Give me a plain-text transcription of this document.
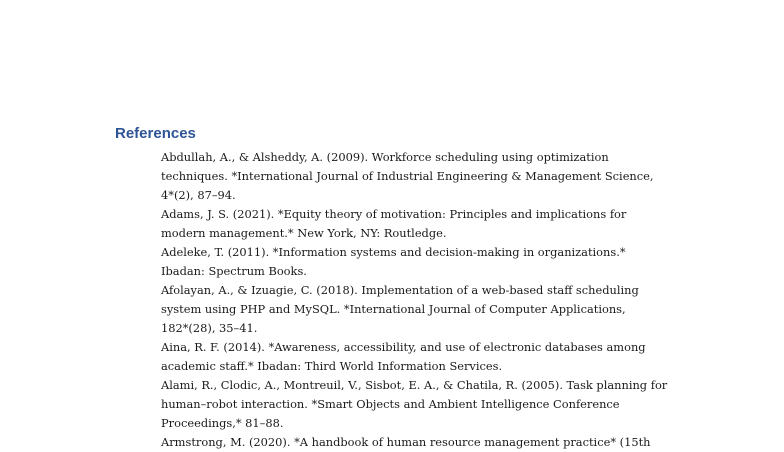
References
Abdullah, A., & Alsheddy, A. (2009). Workforce scheduling using optimization
techniques. *International Journal of Industrial Engineering & Management Science,
4*(2), 87–94.
Adams, J. S. (2021). *Equity theory of motivation: Principles and implications for
modern management.* New York, NY: Routledge.
Adeleke, T. (2011). *Information systems and decision-making in organizations.*
Ibadan: Spectrum Books.
Afolayan, A., & Izuagie, C. (2018). Implementation of a web-based staff scheduling
system using PHP and MySQL. *International Journal of Computer Applications,
182*(28), 35–41.
Aina, R. F. (2014). *Awareness, accessibility, and use of electronic databases among
academic staff.* Ibadan: Third World Information Services.
Alami, R., Clodic, A., Montreuil, V., Sisbot, E. A., & Chatila, R. (2005). Task planning for
human–robot interaction. *Smart Objects and Ambient Intelligence Conference
Proceedings,* 81–88.
Armstrong, M. (2020). *A handbook of human resource management practice* (15th
